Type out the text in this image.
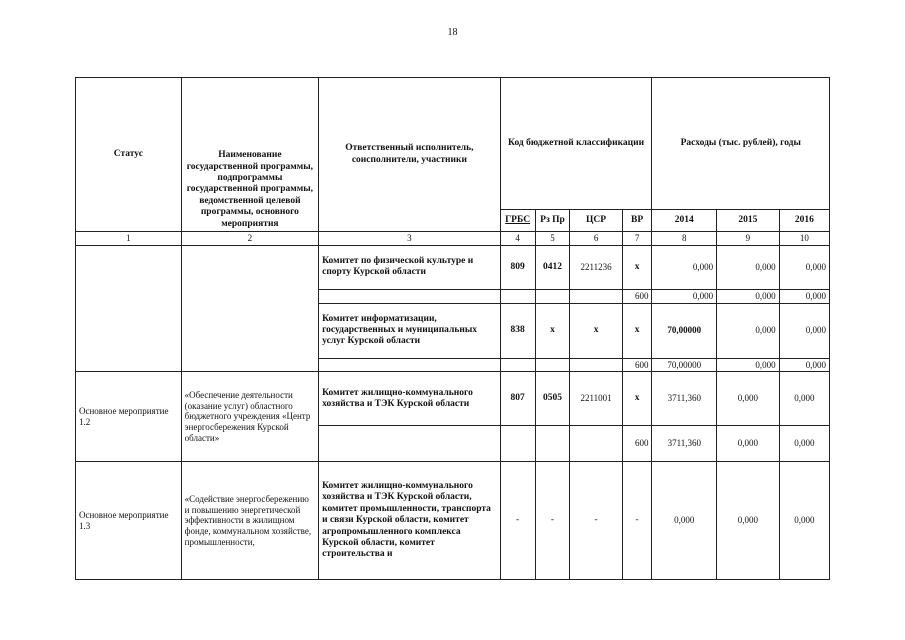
18
Статус	Наименование государственной программы, подпрограммы государственной программы, ведомственной целевой программы, основного мероприятия	Ответственный исполнитель, соисполнители, участники	Код бюджетной классификации				Расходы (тыс. рублей), годы		
			ГРБС	Рз Пр	ЦСР	ВР	2014	2015	2016
1	2	3	4	5	6	7	8	9	10
		Комитет по физической культуре и спорту Курской области	809	0412	2211236	х	0,000	0,000	0,000
						600	0,000	0,000	0,000
		Комитет информатизации, государственных и муниципальных услуг Курской области	838	х	х	х	70,00000	0,000	0,000
						600	70,00000	0,000	0,000
Основное мероприятие 1.2	«Обеспечение деятельности (оказание услуг) областного бюджетного учреждения «Центр энергосбережения Курской области»	Комитет жилищно-коммунального хозяйства и ТЭК Курской области	807	0505	2211001	х	3711,360	0,000	0,000
						600	3711,360	0,000	0,000
Основное мероприятие 1.3	«Содействие энергосбережению и повышению энергетической эффективности в жилищном фонде, коммунальном хозяйстве, промышленности,	Комитет жилищно-коммунального хозяйства и ТЭК Курской области, комитет промышленности, транспорта и связи Курской области, комитет агропромышленного комплекса Курской области, комитет строительства и	-	-	-	-	0,000	0,000	0,000
